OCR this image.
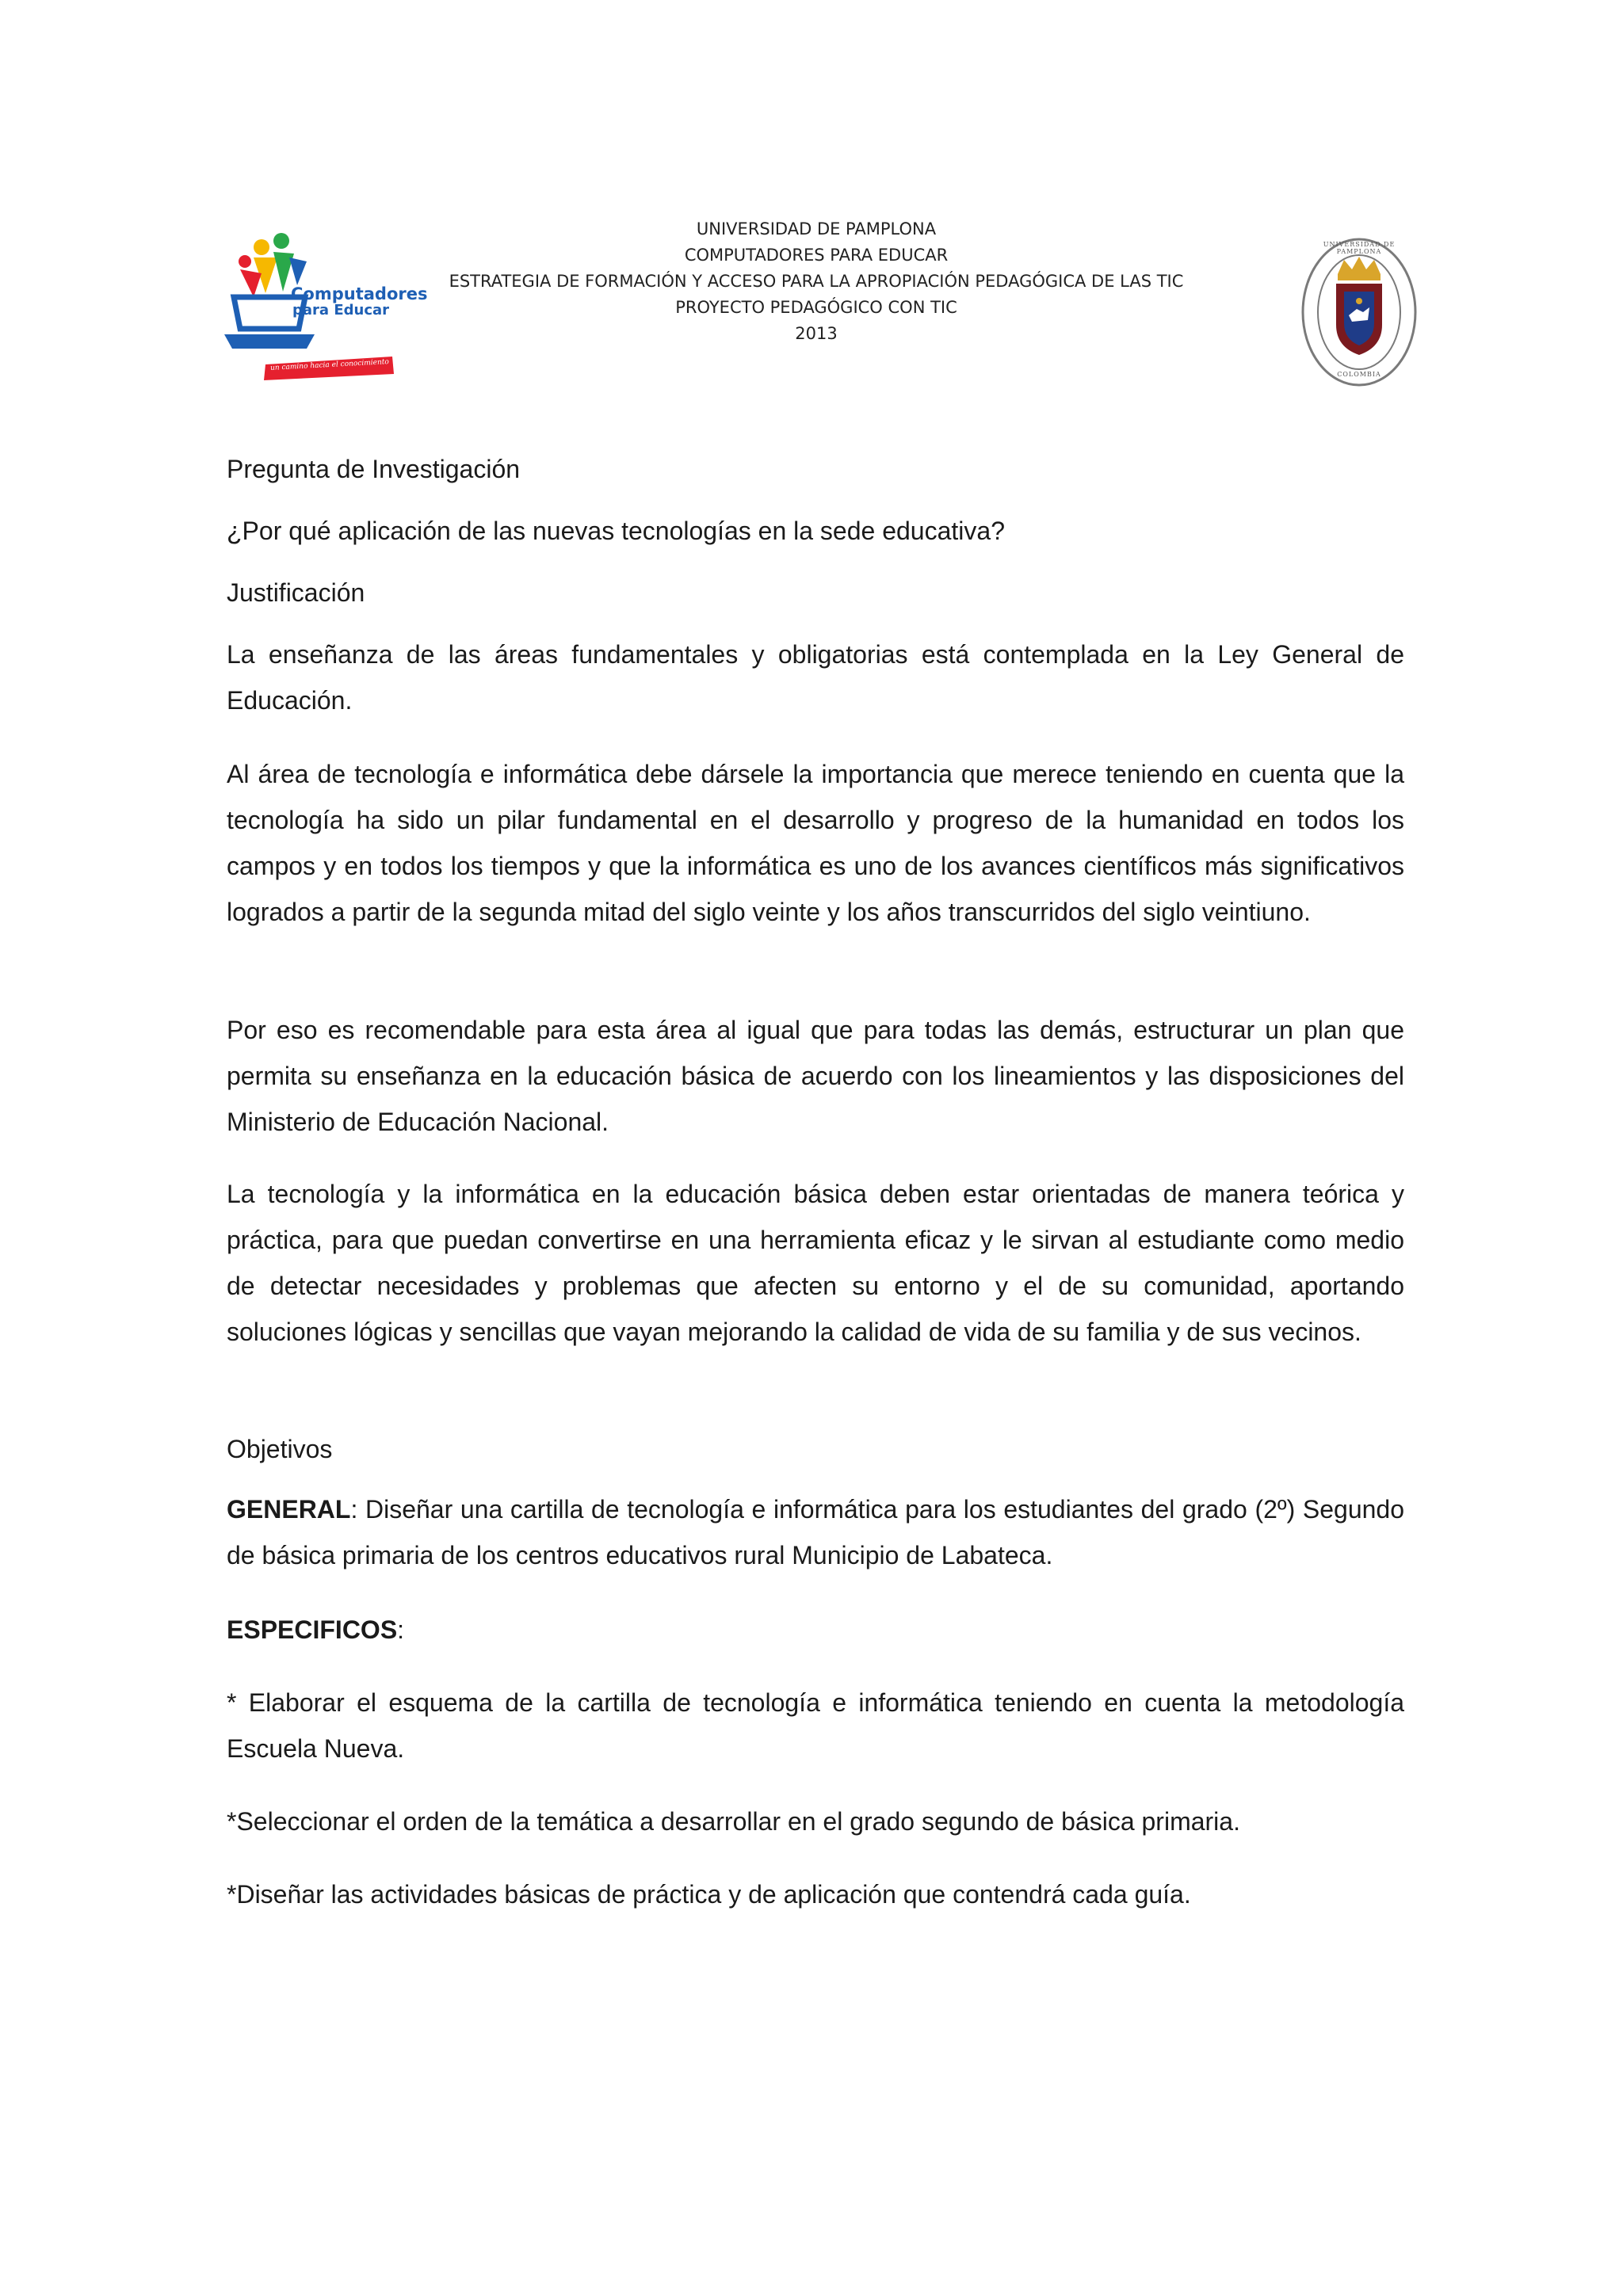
Computadores
para Educar
un camino hacia el conocimiento
UNIVERSIDAD DE PAMPLONA
COMPUTADORES PARA EDUCAR
ESTRATEGIA DE FORMACIÓN Y ACCESO PARA LA APROPIACIÓN PEDAGÓGICA DE LAS TIC
PROYECTO PEDAGÓGICO CON TIC
2013
UNIVERSIDAD DE PAMPLONA
COLOMBIA

Pregunta de Investigación

¿Por qué aplicación de las nuevas tecnologías en la sede educativa?

Justificación

La enseñanza de las áreas fundamentales y obligatorias está contemplada en la Ley General de Educación.

Al área de tecnología e informática debe dársele la importancia que merece teniendo en cuenta que la tecnología ha sido un pilar fundamental en el desarrollo y progreso de la humanidad en todos los campos y en todos los tiempos y que la informática es uno de los avances científicos más significativos logrados a partir de la segunda mitad del siglo veinte y los años transcurridos del siglo veintiuno.

Por eso es recomendable para esta área al igual que para todas las demás, estructurar un plan que permita su enseñanza en la educación básica de acuerdo con los lineamientos y las disposiciones del Ministerio de Educación Nacional.

La tecnología y la informática en la educación básica deben estar orientadas de manera teórica y práctica, para que puedan convertirse en una herramienta eficaz y le sirvan al estudiante como medio de detectar necesidades y problemas que afecten su entorno y el de su comunidad, aportando soluciones lógicas y sencillas que vayan mejorando la calidad de vida de su familia y de sus vecinos.

Objetivos

GENERAL: Diseñar una cartilla de tecnología e informática para los estudiantes del grado (2º) Segundo de básica primaria de los centros educativos rural Municipio de Labateca.

ESPECIFICOS:

* Elaborar el esquema de la cartilla de tecnología e informática teniendo en cuenta la metodología Escuela Nueva.

*Seleccionar el orden de la temática a desarrollar en el grado segundo de básica primaria.

*Diseñar las actividades básicas de práctica y de aplicación que contendrá cada guía.
